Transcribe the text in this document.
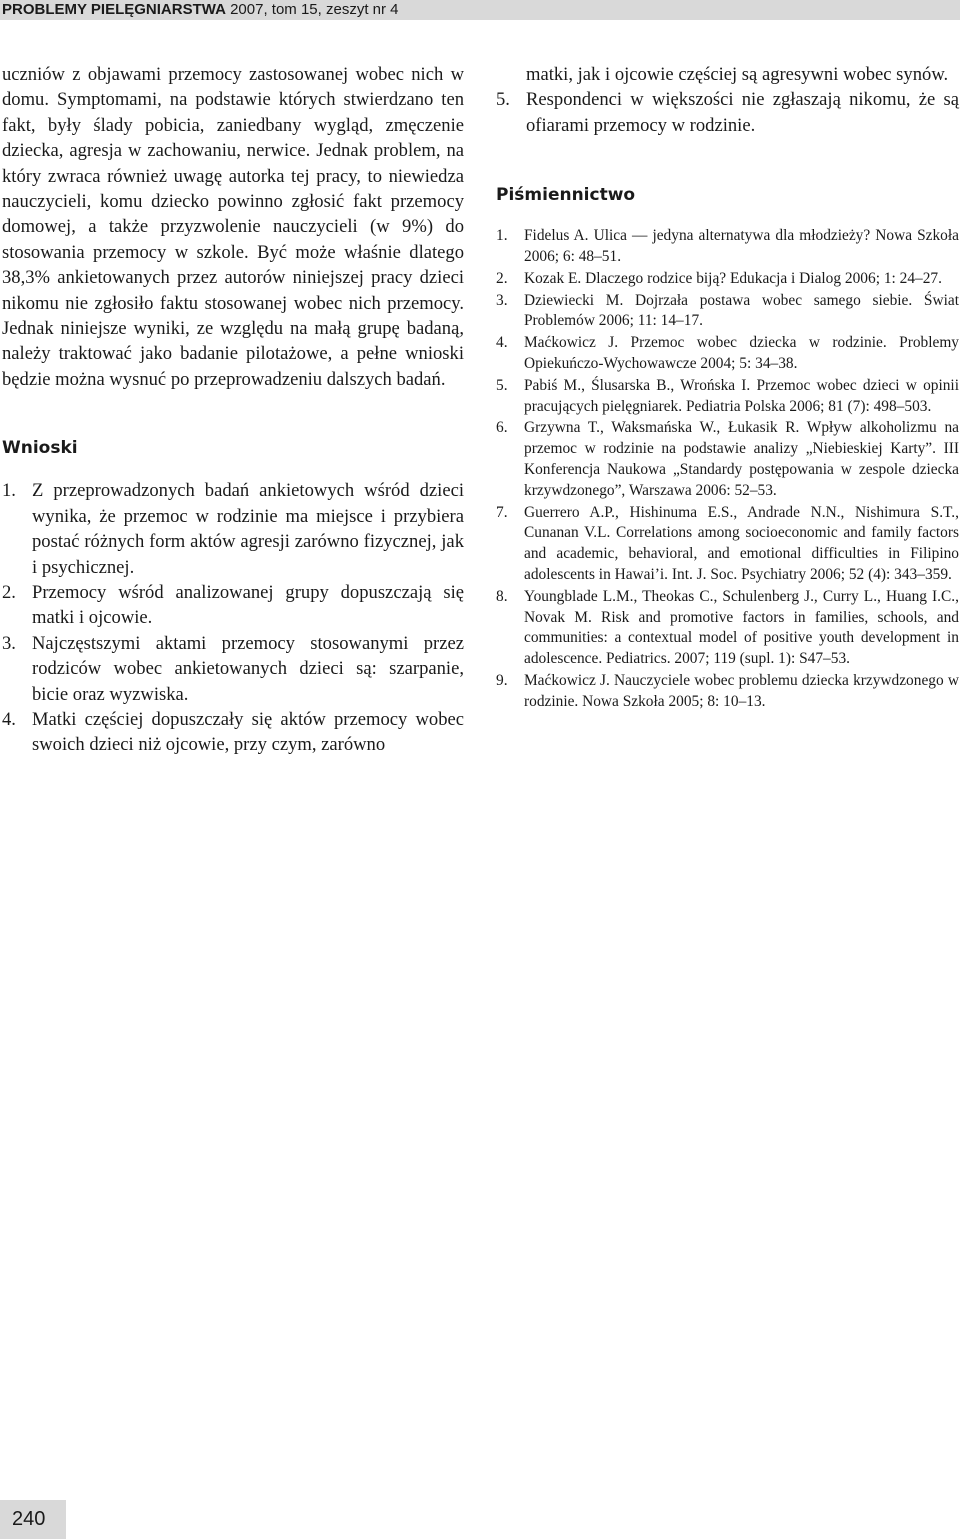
PROBLEMY PIELĘGNIARSTWA 2007, tom 15, zeszyt nr 4

uczniów z objawami przemocy zastosowanej wobec nich w domu. Symptomami, na podstawie których stwierdzano ten fakt, były ślady pobicia, zaniedbany wygląd, zmęczenie dziecka, agresja w zachowaniu, nerwice. Jednak problem, na który zwraca również uwagę autorka tej pracy, to niewiedza nauczycieli, komu dziecko powinno zgłosić fakt przemocy domowej, a także przyzwolenie nauczycieli (w 9%) do stosowania przemocy w szkole. Być może właśnie dlatego 38,3% ankietowanych przez autorów niniejszej pracy dzieci nikomu nie zgłosiło faktu stosowanej wobec nich przemocy. Jednak niniejsze wyniki, ze względu na małą grupę badaną, należy traktować jako badanie pilotażowe, a pełne wnioski będzie można wysnuć po przeprowadzeniu dalszych badań.

Wnioski
1. Z przeprowadzonych badań ankietowych wśród dzieci wynika, że przemoc w rodzinie ma miejsce i przybiera postać różnych form aktów agresji zarówno fizycznej, jak i psychicznej.
2. Przemocy wśród analizowanej grupy dopuszczają się matki i ojcowie.
3. Najczęstszymi aktami przemocy stosowanymi przez rodziców wobec ankietowanych dzieci są: szarpanie, bicie oraz wyzwiska.
4. Matki częściej dopuszczały się aktów przemocy wobec swoich dzieci niż ojcowie, przy czym, zarówno

matki, jak i ojcowie częściej są agresywni wobec synów.

5. Respondenci w większości nie zgłaszają nikomu, że są ofiarami przemocy w rodzinie.
Piśmiennictwo
1. Fidelus A. Ulica — jedyna alternatywa dla młodzieży? Nowa Szkoła 2006; 6: 48–51.
2. Kozak E. Dlaczego rodzice biją? Edukacja i Dialog 2006; 1: 24–27.
3. Dziewiecki M. Dojrzała postawa wobec samego siebie. Świat Problemów 2006; 11: 14–17.
4. Maćkowicz J. Przemoc wobec dziecka w rodzinie. Problemy Opiekuńczo-Wychowawcze 2004; 5: 34–38.
5. Pabiś M., Ślusarska B., Wrońska I. Przemoc wobec dzieci w opinii pracujących pielęgniarek. Pediatria Polska 2006; 81 (7): 498–503.
6. Grzywna T., Waksmańska W., Łukasik R. Wpływ alkoholizmu na przemoc w rodzinie na podstawie analizy „Niebieskiej Karty”. III Konferencja Naukowa „Standardy postępowania w zespole dziecka krzywdzonego”, Warszawa 2006: 52–53.
7. Guerrero A.P., Hishinuma E.S., Andrade N.N., Nishimura S.T., Cunanan V.L. Correlations among socioeconomic and family factors and academic, behavioral, and emotional difficulties in Filipino adolescents in Hawai’i. Int. J. Soc. Psychiatry 2006; 52 (4): 343–359.
8. Youngblade L.M., Theokas C., Schulenberg J., Curry L., Huang I.C., Novak M. Risk and promotive factors in families, schools, and communities: a contextual model of positive youth development in adolescence. Pediatrics. 2007; 119 (supl. 1): S47–53.
9. Maćkowicz J. Nauczyciele wobec problemu dziecka krzywdzonego w rodzinie. Nowa Szkoła 2005; 8: 10–13.
240
